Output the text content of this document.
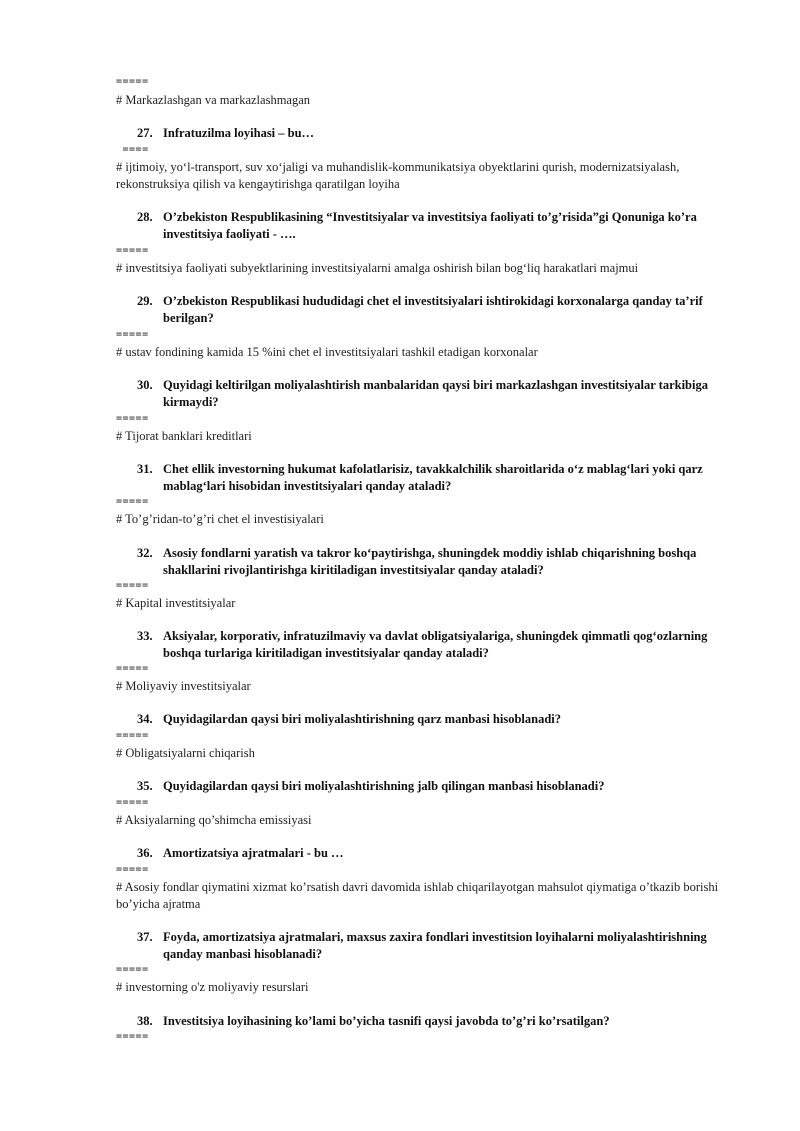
=====
# Markazlashgan va markazlashmagan
27. Infratuzilma loyihasi – bu…
====
# ijtimoiy, yo‘l-transport, suv xo‘jaligi va muhandislik-kommunikatsiya obyektlarini qurish, modernizatsiyalash, rekonstruksiya qilish va kengaytirishga qaratilgan loyiha
28. O’zbekiston Respublikasining “Investitsiyalar va investitsiya faoliyati to’g’risida”gi Qonuniga ko’ra investitsiya faoliyati - ….
=====
# investitsiya faoliyati subyektlarining investitsiyalarni amalga oshirish bilan bog‘liq harakatlari majmui
29. O’zbekiston Respublikasi hududidagi chet el investitsiyalari ishtirokidagi korxonalarga qanday ta’rif berilgan?
=====
# ustav fondining kamida 15 %ini chet el investitsiyalari tashkil etadigan korxonalar
30. Quyidagi keltirilgan moliyalashtirish manbalaridan qaysi biri markazlashgan investitsiyalar tarkibiga kirmaydi?
=====
# Tijorat banklari kreditlari
31. Chet ellik investorning hukumat kafolatlarisiz, tavakkalchilik sharoitlarida o‘z mablag‘lari yoki qarz mablag‘lari hisobidan investitsiyalari qanday ataladi?
=====
# To’g’ridan-to’g’ri chet el investisiyalari
32. Asosiy fondlarni yaratish va takror ko‘paytirishga, shuningdek moddiy ishlab chiqarishning boshqa shakllarini rivojlantirishga kiritiladigan investitsiyalar qanday ataladi?
=====
# Kapital investitsiyalar
33. Aksiyalar, korporativ, infratuzilmaviy va davlat obligatsiyalariga, shuningdek qimmatli qog‘ozlarning boshqa turlariga kiritiladigan investitsiyalar qanday ataladi?
=====
# Moliyaviy investitsiyalar
34. Quyidagilardan qaysi biri moliyalashtirishning qarz manbasi hisoblanadi?
=====
# Obligatsiyalarni chiqarish
35. Quyidagilardan qaysi biri moliyalashtirishning jalb qilingan manbasi hisoblanadi?
=====
# Aksiyalarning qo’shimcha emissiyasi
36. Amortizatsiya ajratmalari - bu …
=====
# Asosiy fondlar qiymatini xizmat ko’rsatish davri davomida ishlab chiqarilayotgan mahsulot qiymatiga o’tkazib borishi bo’yicha ajratma
37. Foyda, amortizatsiya ajratmalari, maxsus zaxira fondlari investitsion loyihalarni moliyalashtirishning qanday manbasi hisoblanadi?
=====
# investorning o'z moliyaviy resurslari
38. Investitsiya loyihasining ko’lami bo’yicha tasnifi qaysi javobda to’g’ri ko’rsatilgan?
=====
